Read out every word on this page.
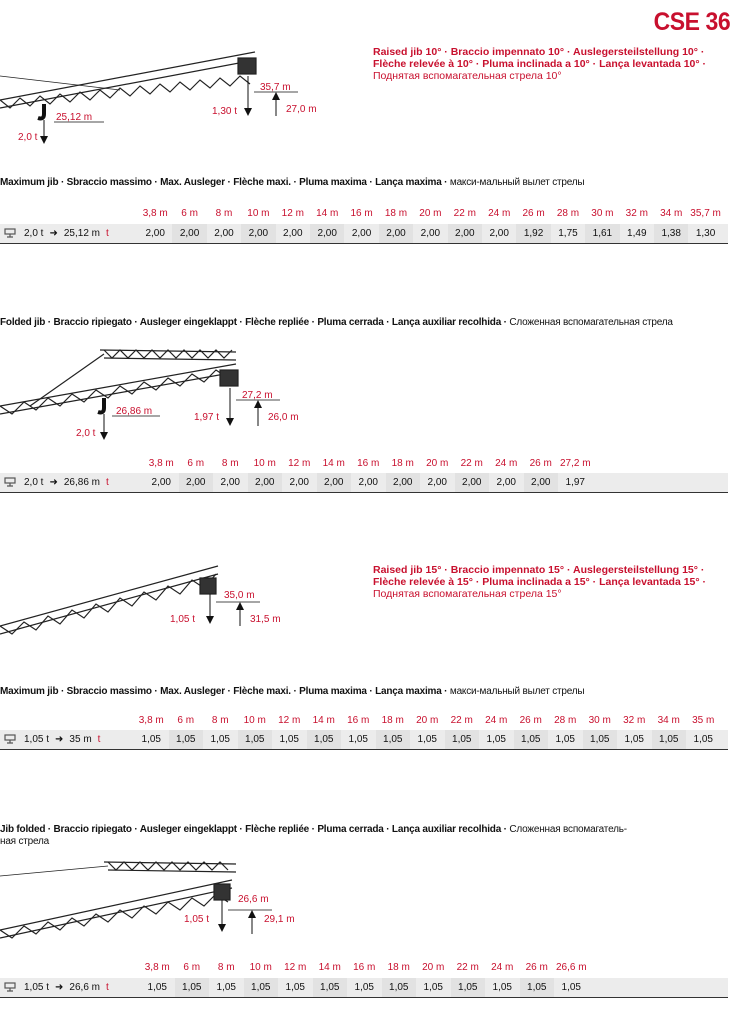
CSE 36
25,12 m
2,0 t
1,30 t
35,7 m
27,0 m
Raised jib 10° · Braccio impennato 10° · Auslegersteilstellung 10° ·
Flèche relevée à 10° · Pluma inclinada a 10° · Lança levantada 10° ·
Поднятая вспомагательная стрела 10°
Maximum jib · Sbraccio massimo · Max. Ausleger · Flèche maxi. · Pluma maxima · Lança maxima · макси-мальный вылет стрелы
3,8 m	6 m	8 m	10 m	12 m	14 m	16 m	18 m	20 m	22 m	24 m	26 m	28 m	30 m	32 m	34 m 35,7 m
2,0 t ➜ 25,12 m t	2,00	2,00	2,00	2,00	2,00	2,00	2,00	2,00	2,00	2,00	2,00	1,92	1,75	1,61	1,49	1,38	1,30
Folded jib · Braccio ripiegato · Ausleger eingeklappt · Flèche repliée · Pluma cerrada · Lança auxiliar recolhida · Сложенная вспомагательная стрела
26,86 m
2,0 t
1,97 t
27,2 m
26,0 m
3,8 m	6 m	8 m	10 m	12 m	14 m	16 m	18 m	20 m	22 m	24 m	26 m 27,2 m
2,0 t ➜ 26,86 m t	2,00	2,00	2,00	2,00	2,00	2,00	2,00	2,00	2,00	2,00	2,00	2,00	1,97
1,05 t
35,0 m
31,5 m
Raised jib 15° · Braccio impennato 15° · Auslegersteilstellung 15° ·
Flèche relevée à 15° · Pluma inclinada a 15° · Lança levantada 15° ·
Поднятая вспомагательная стрела 15°
Maximum jib · Sbraccio massimo · Max. Ausleger · Flèche maxi. · Pluma maxima · Lança maxima · макси-мальный вылет стрелы
3,8 m	6 m	8 m	10 m	12 m	14 m	16 m	18 m	20 m	22 m	24 m	26 m	28 m	30 m	32 m	34 m	35 m
1,05 t ➜ 35 m t	1,05	1,05	1,05	1,05	1,05	1,05	1,05	1,05	1,05	1,05	1,05	1,05	1,05	1,05	1,05	1,05	1,05
Jib folded · Braccio ripiegato · Ausleger eingeklappt · Flèche repliée · Pluma cerrada · Lança auxiliar recolhida · Сложенная вспомагатель-
ная стрела
1,05 t
26,6 m
29,1 m
3,8 m	6 m	8 m	10 m	12 m	14 m	16 m	18 m	20 m	22 m	24 m	26 m 26,6 m
1,05 t ➜ 26,6 m t	1,05	1,05	1,05	1,05	1,05	1,05	1,05	1,05	1,05	1,05	1,05	1,05	1,05
